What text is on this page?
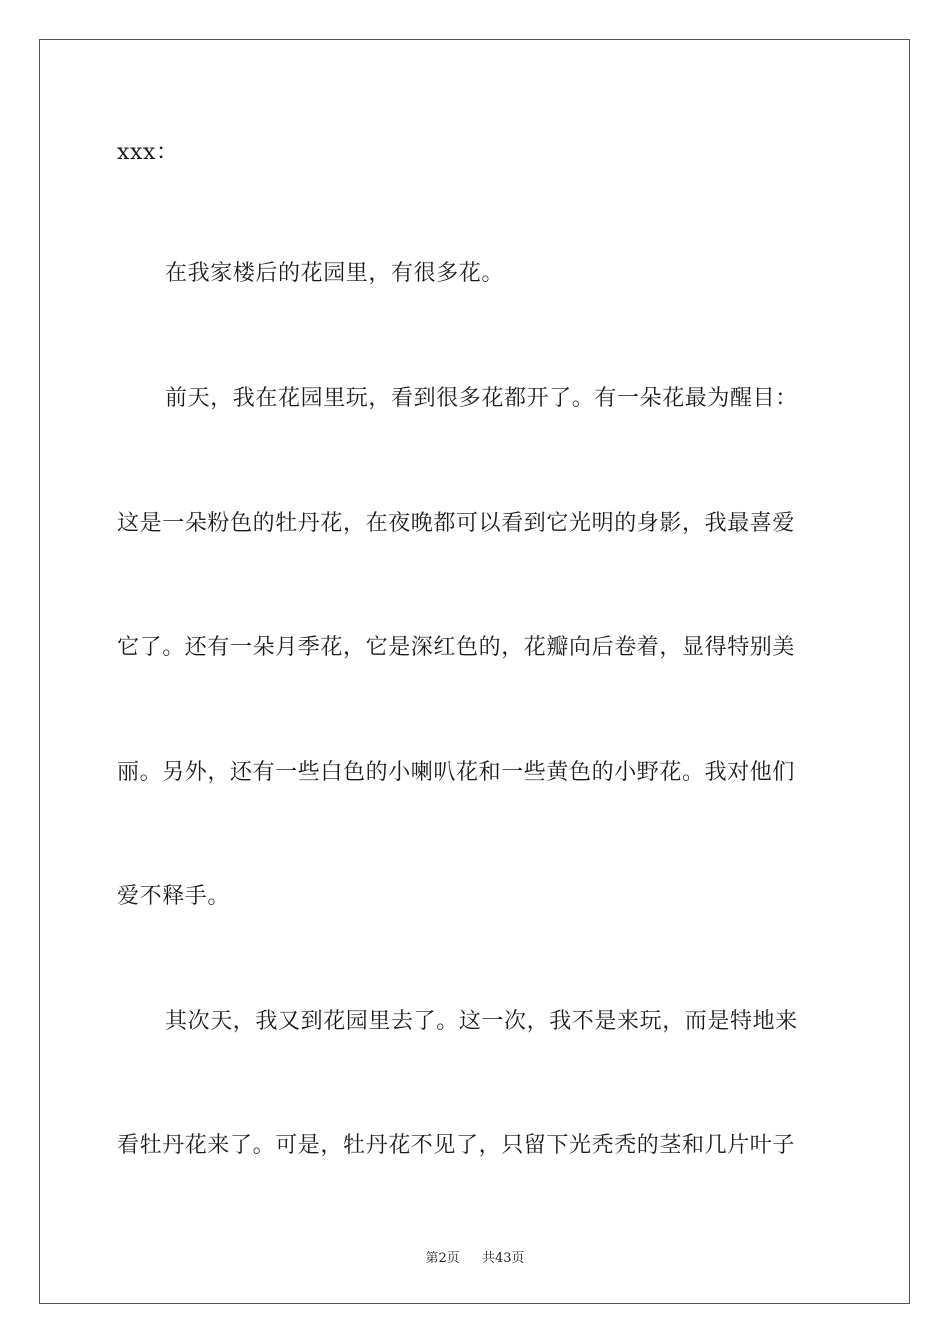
xxx：
在我家楼后的花园里，有很多花。
前天，我在花园里玩，看到很多花都开了。有一朵花最为醒目：
这是一朵粉色的牡丹花，在夜晚都可以看到它光明的身影，我最喜爱
它了。还有一朵月季花，它是深红色的，花瓣向后卷着，显得特别美
丽。另外，还有一些白色的小喇叭花和一些黄色的小野花。我对他们
爱不释手。
其次天，我又到花园里去了。这一次，我不是来玩，而是特地来
看牡丹花来了。可是，牡丹花不见了，只留下光秃秃的茎和几片叶子
第2页 共43页
